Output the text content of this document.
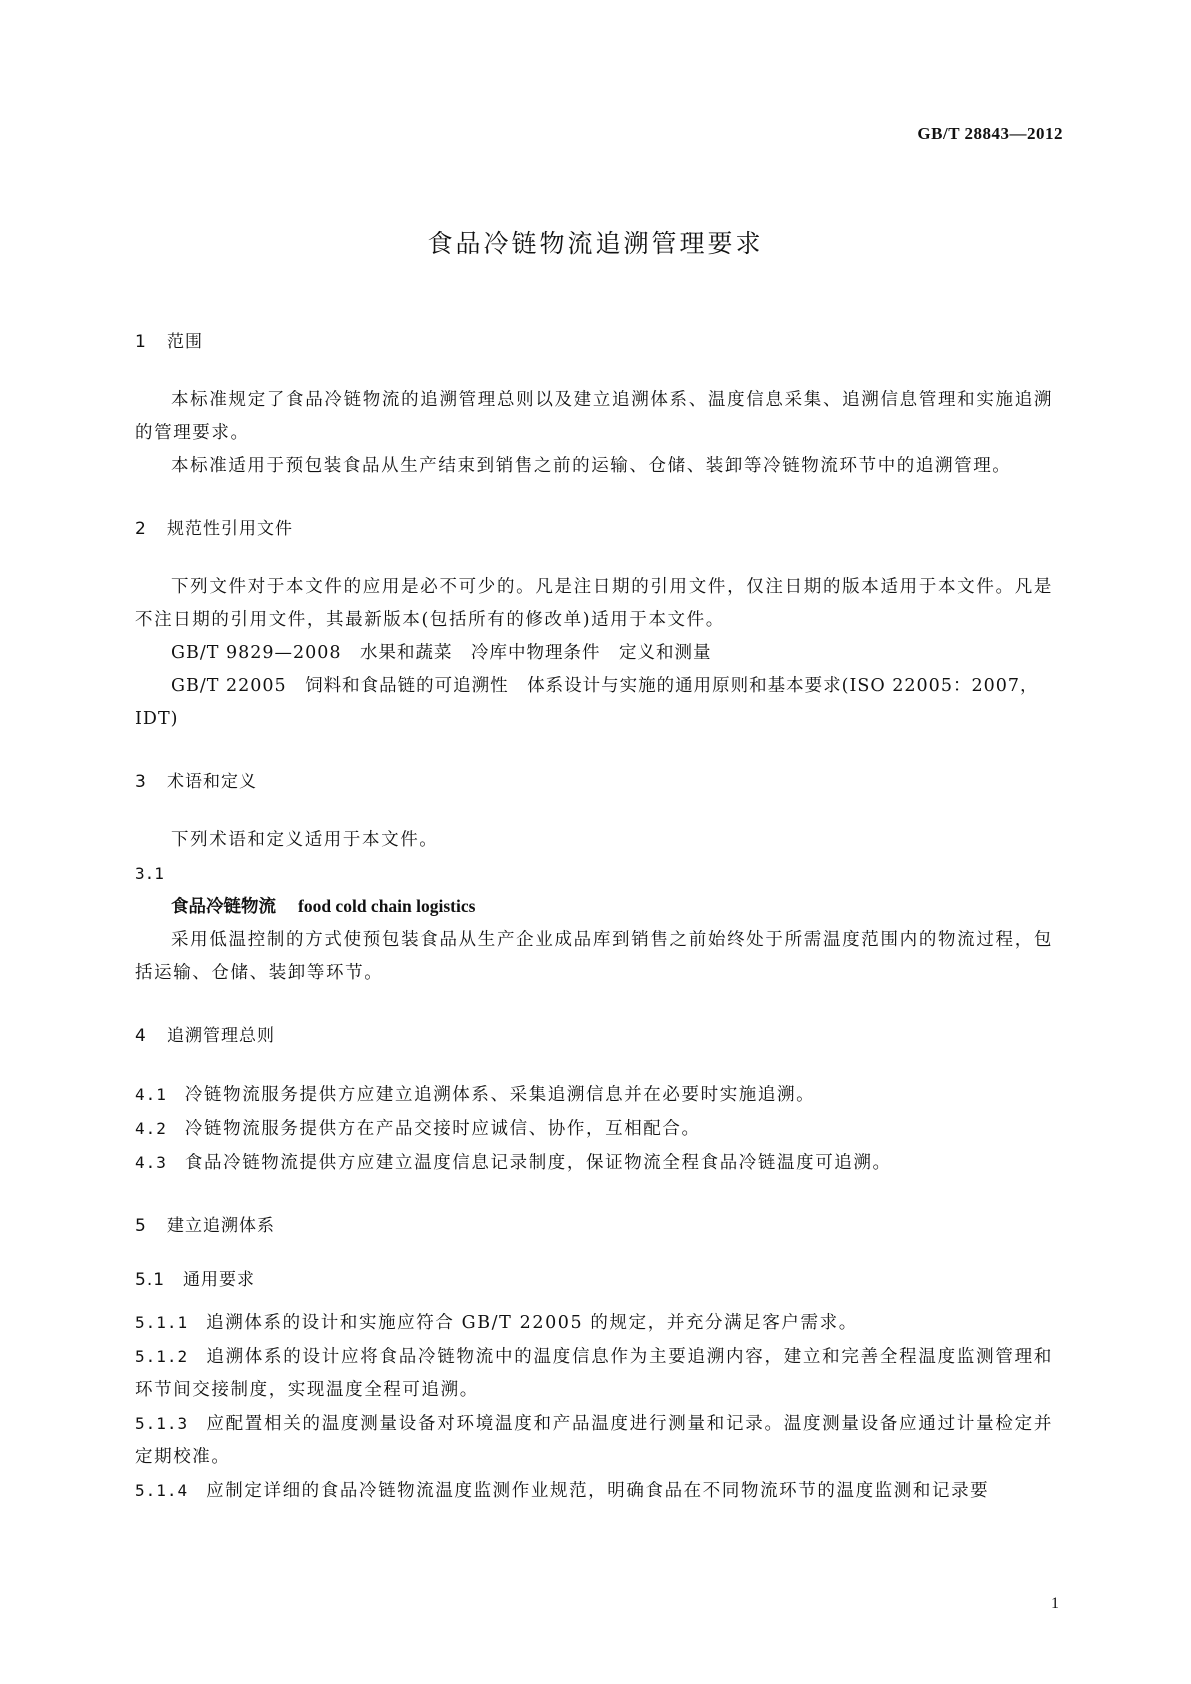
GB/T 28843—2012
食品冷链物流追溯管理要求
1 范围
本标准规定了食品冷链物流的追溯管理总则以及建立追溯体系、温度信息采集、追溯信息管理和实施追溯的管理要求。
本标准适用于预包装食品从生产结束到销售之前的运输、仓储、装卸等冷链物流环节中的追溯管理。
2 规范性引用文件
下列文件对于本文件的应用是必不可少的。凡是注日期的引用文件，仅注日期的版本适用于本文件。凡是不注日期的引用文件，其最新版本(包括所有的修改单)适用于本文件。
GB/T 9829—2008　水果和蔬菜　冷库中物理条件　定义和测量
GB/T 22005　饲料和食品链的可追溯性　体系设计与实施的通用原则和基本要求(ISO 22005：2007，IDT)
3 术语和定义
下列术语和定义适用于本文件。
3.1
食品冷链物流 food cold chain logistics
采用低温控制的方式使预包装食品从生产企业成品库到销售之前始终处于所需温度范围内的物流过程，包括运输、仓储、装卸等环节。
4 追溯管理总则
4.1 冷链物流服务提供方应建立追溯体系、采集追溯信息并在必要时实施追溯。
4.2 冷链物流服务提供方在产品交接时应诚信、协作，互相配合。
4.3 食品冷链物流提供方应建立温度信息记录制度，保证物流全程食品冷链温度可追溯。
5 建立追溯体系
5.1 通用要求
5.1.1 追溯体系的设计和实施应符合 GB/T 22005 的规定，并充分满足客户需求。
5.1.2 追溯体系的设计应将食品冷链物流中的温度信息作为主要追溯内容，建立和完善全程温度监测管理和环节间交接制度，实现温度全程可追溯。
5.1.3 应配置相关的温度测量设备对环境温度和产品温度进行测量和记录。温度测量设备应通过计量检定并定期校准。
5.1.4 应制定详细的食品冷链物流温度监测作业规范，明确食品在不同物流环节的温度监测和记录要
1
